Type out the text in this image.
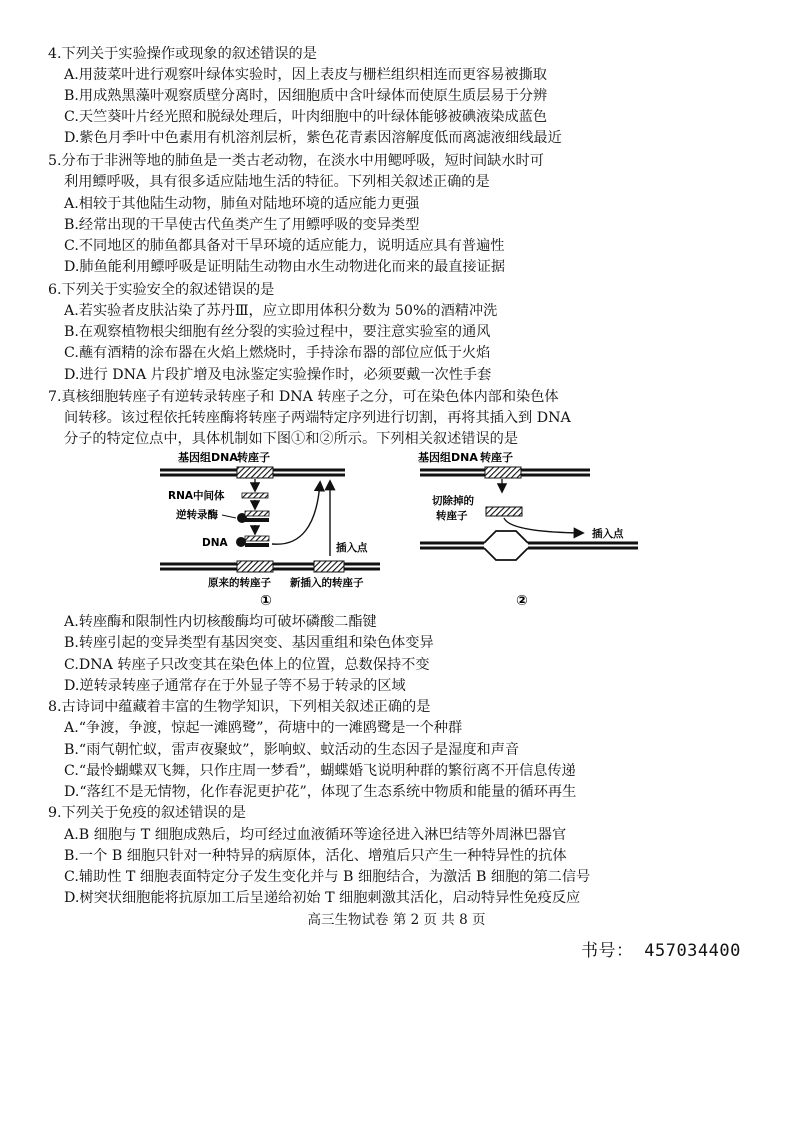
4.下列关于实验操作或现象的叙述错误的是
A.用菠菜叶进行观察叶绿体实验时，因上表皮与栅栏组织相连而更容易被撕取
B.用成熟黑藻叶观察质壁分离时，因细胞质中含叶绿体而使原生质层易于分辨
C.天竺葵叶片经光照和脱绿处理后，叶肉细胞中的叶绿体能够被碘液染成蓝色
D.紫色月季叶中色素用有机溶剂层析，紫色花青素因溶解度低而离滤液细线最近
5.分布于非洲等地的肺鱼是一类古老动物，在淡水中用鳃呼吸，短时间缺水时可
利用鳔呼吸，具有很多适应陆地生活的特征。下列相关叙述正确的是
A.相较于其他陆生动物，肺鱼对陆地环境的适应能力更强
B.经常出现的干旱使古代鱼类产生了用鳔呼吸的变异类型
C.不同地区的肺鱼都具备对干旱环境的适应能力，说明适应具有普遍性
D.肺鱼能利用鳔呼吸是证明陆生动物由水生动物进化而来的最直接证据
6.下列关于实验安全的叙述错误的是
A.若实验者皮肤沾染了苏丹Ⅲ，应立即用体积分数为 50%的酒精冲洗
B.在观察植物根尖细胞有丝分裂的实验过程中，要注意实验室的通风
C.蘸有酒精的涂布器在火焰上燃烧时，手持涂布器的部位应低于火焰
D.进行 DNA 片段扩增及电泳鉴定实验操作时，必须要戴一次性手套
7.真核细胞转座子有逆转录转座子和 DNA 转座子之分，可在染色体内部和染色体
间转移。该过程依托转座酶将转座子两端特定序列进行切割，再将其插入到 DNA
分子的特定位点中，具体机制如下图①和②所示。下列相关叙述错误的是
基因组DNA 转座子
RNA中间体
逆转录酶
DNA	插入点
原来的转座子 新插入的转座子
①
基因组DNA 转座子
切除掉的
转座子
插入点
②
A.转座酶和限制性内切核酸酶均可破坏磷酸二酯键
B.转座引起的变异类型有基因突变、基因重组和染色体变异
C.DNA 转座子只改变其在染色体上的位置，总数保持不变
D.逆转录转座子通常存在于外显子等不易于转录的区域
8.古诗词中蕴藏着丰富的生物学知识，下列相关叙述正确的是
A.“争渡，争渡，惊起一滩鸥鹭”，荷塘中的一滩鸥鹭是一个种群
B.“雨气朝忙蚁，雷声夜聚蚊”，影响蚁、蚊活动的生态因子是湿度和声音
C.“最怜蝴蝶双飞舞，只作庄周一梦看”，蝴蝶婚飞说明种群的繁衍离不开信息传递
D.“落红不是无情物，化作春泥更护花”，体现了生态系统中物质和能量的循环再生
9.下列关于免疫的叙述错误的是
A.B 细胞与 T 细胞成熟后，均可经过血液循环等途径进入淋巴结等外周淋巴器官
B.一个 B 细胞只针对一种特异的病原体，活化、增殖后只产生一种特异性的抗体
C.辅助性 T 细胞表面特定分子发生变化并与 B 细胞结合，为激活 B 细胞的第二信号
D.树突状细胞能将抗原加工后呈递给初始 T 细胞刺激其活化，启动特异性免疫反应
高三生物试卷 第 2 页 共 8 页
书号： 457034400
